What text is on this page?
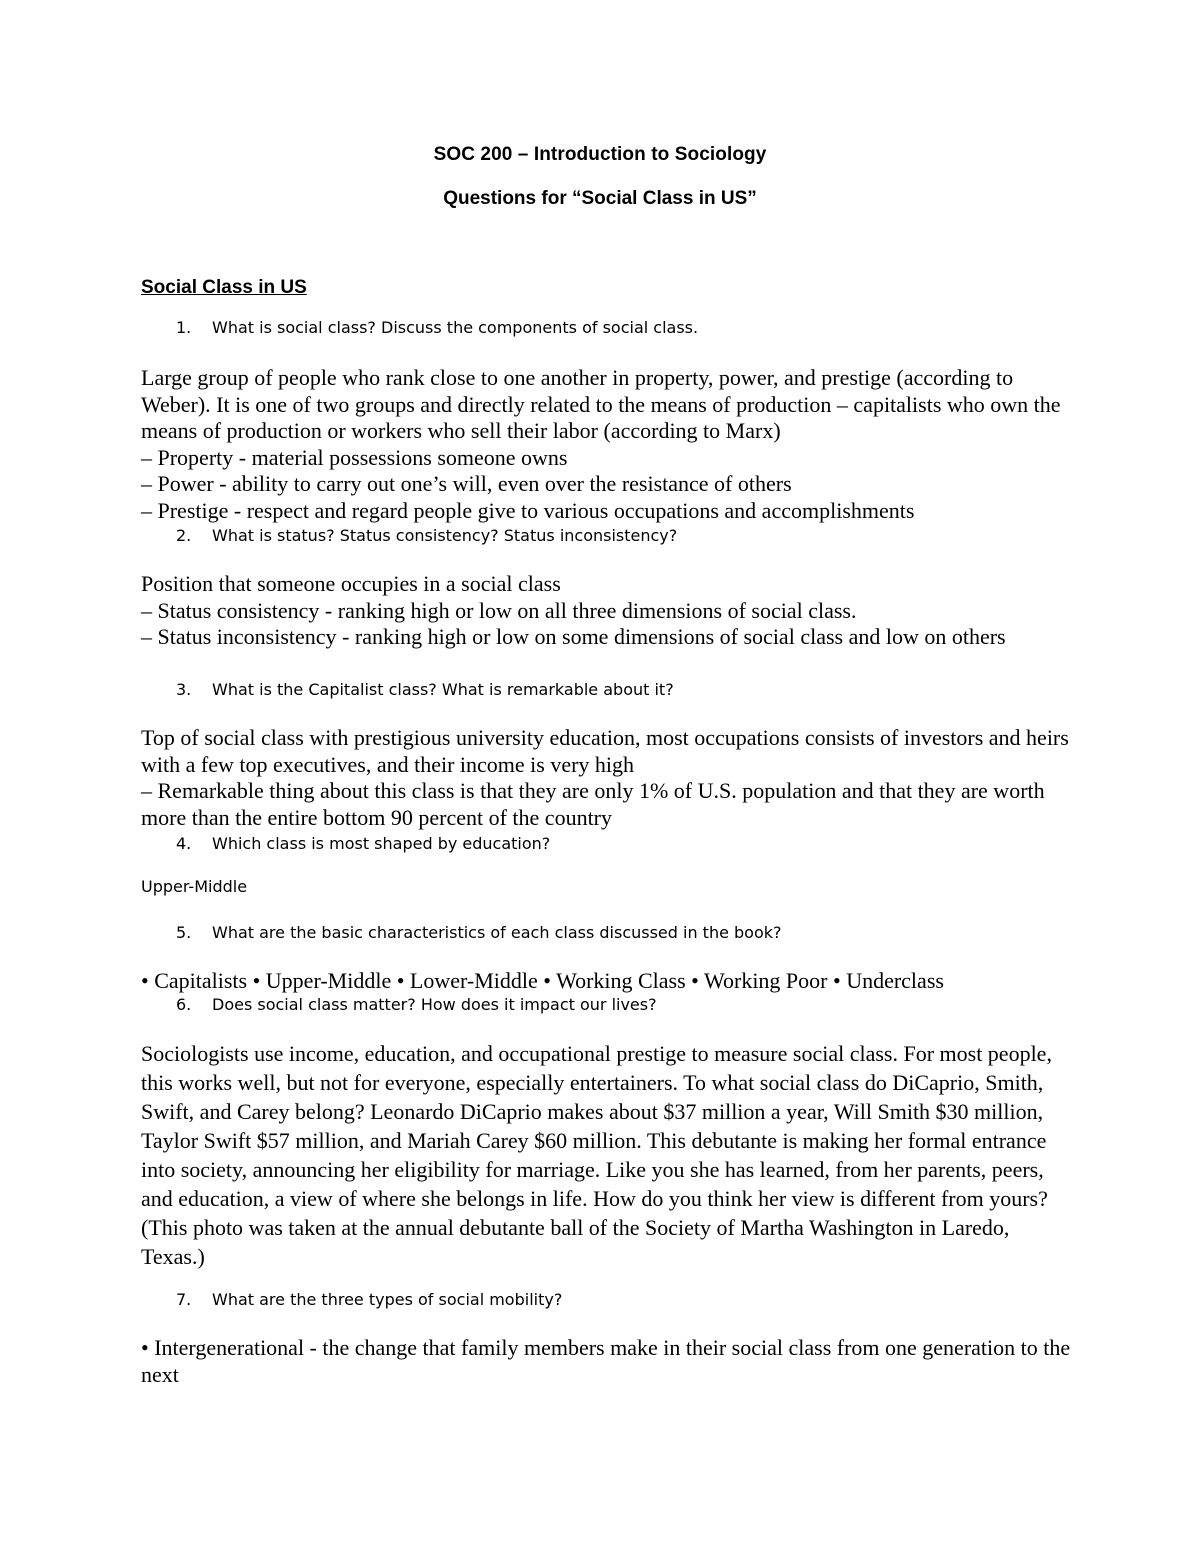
SOC 200 – Introduction to Sociology
Questions for “Social Class in US”
Social Class in US
1. What is social class? Discuss the components of social class.

Large group of people who rank close to one another in property, power, and prestige (according to Weber). It is one of two groups and directly related to the means of production – capitalists who own the means of production or workers who sell their labor (according to Marx)

– Property - material possessions someone owns

– Power - ability to carry out one’s will, even over the resistance of others

– Prestige - respect and regard people give to various occupations and accomplishments

2. What is status? Status consistency? Status inconsistency?

Position that someone occupies in a social class

– Status consistency - ranking high or low on all three dimensions of social class.

– Status inconsistency - ranking high or low on some dimensions of social class and low on others

3. What is the Capitalist class? What is remarkable about it?

Top of social class with prestigious university education, most occupations consists of investors and heirs with a few top executives, and their income is very high

– Remarkable thing about this class is that they are only 1% of U.S. population and that they are worth more than the entire bottom 90 percent of the country

4. Which class is most shaped by education?
Upper-Middle
5. What are the basic characteristics of each class discussed in the book?

• Capitalists • Upper-Middle • Lower-Middle • Working Class • Working Poor • Underclass

6. Does social class matter? How does it impact our lives?

Sociologists use income, education, and occupational prestige to measure social class. For most people, this works well, but not for everyone, especially entertainers. To what social class do DiCaprio, Smith, Swift, and Carey belong? Leonardo DiCaprio makes about $37 million a year, Will Smith $30 million, Taylor Swift $57 million, and Mariah Carey $60 million. This debutante is making her formal entrance into society, announcing her eligibility for marriage. Like you she has learned, from her parents, peers, and education, a view of where she belongs in life. How do you think her view is different from yours? (This photo was taken at the annual debutante ball of the Society of Martha Washington in Laredo, Texas.)

7. What are the three types of social mobility?

• Intergenerational - the change that family members make in their social class from one generation to the next
